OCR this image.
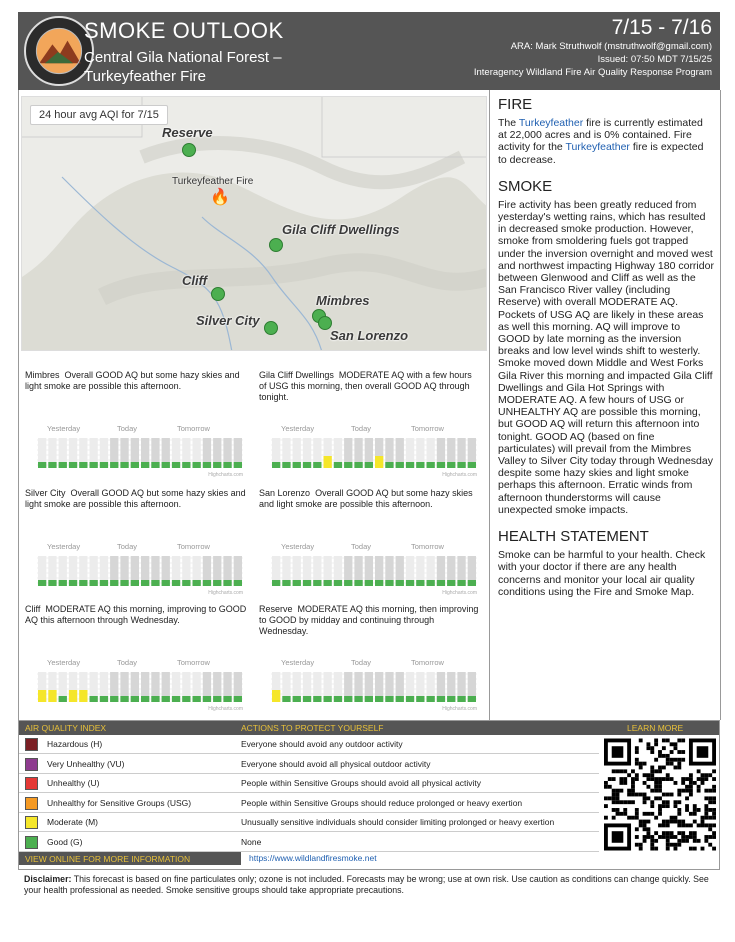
SMOKE OUTLOOK
Central Gila National Forest –
Turkeyfeather Fire
7/15 - 7/16
ARA: Mark Struthwolf (mstruthwolf@gmail.com)
Issued: 07:50 MDT 7/15/25
Interagency Wildland Fire Air Quality Response Program
24 hour avg AQI for 7/15
Reserve
Turkeyfeather Fire
🔥
Gila Cliff Dwellings
Cliff
Mimbres
Silver City
San Lorenzo
Mimbres Overall GOOD AQ but some hazy skies and light smoke are possible this afternoon.
Yesterday	Today	Tomorrow
Highcharts.com
Gila Cliff Dwellings MODERATE AQ with a few hours of USG this morning, then overall GOOD AQ through tonight.
Yesterday	Today	Tomorrow
Highcharts.com
Silver City Overall GOOD AQ but some hazy skies and light smoke are possible this afternoon.
Yesterday	Today	Tomorrow
Highcharts.com
San Lorenzo Overall GOOD AQ but some hazy skies and light smoke are possible this afternoon.
Yesterday	Today	Tomorrow
Highcharts.com
Cliff MODERATE AQ this morning, improving to GOOD AQ this afternoon through Wednesday.
Yesterday	Today	Tomorrow
Highcharts.com
Reserve MODERATE AQ this morning, then improving to GOOD by midday and continuing through Wednesday.
Yesterday	Today	Tomorrow
Highcharts.com
FIRE
The Turkeyfeather fire is currently estimated at 22,000 acres and is 0% contained. Fire activity for the Turkeyfeather fire is expected to decrease.
SMOKE
Fire activity has been greatly reduced from yesterday's wetting rains, which has resulted in decreased smoke production. However, smoke from smoldering fuels got trapped under the inversion overnight and moved west and northwest impacting Highway 180 corridor between Glenwood and Cliff as well as the San Francisco River valley (including Reserve) with overall MODERATE AQ. Pockets of USG AQ are likely in these areas as well this morning. AQ will improve to GOOD by late morning as the inversion breaks and low level winds shift to westerly. Smoke moved down Middle and West Forks Gila River this morning and impacted Gila Cliff Dwellings and Gila Hot Springs with MODERATE AQ. A few hours of USG or UNHEALTHY AQ are possible this morning, but GOOD AQ will return this afternoon into tonight. GOOD AQ (based on fine particulates) will prevail from the Mimbres Valley to Silver City today through Wednesday despite some hazy skies and light smoke perhaps this afternoon. Erratic winds from afternoon thunderstorms will cause unexpected smoke impacts.
HEALTH STATEMENT
Smoke can be harmful to your health. Check with your doctor if there are any health concerns and monitor your local air quality conditions using the Fire and Smoke Map.
AIR QUALITY INDEX	ACTIONS TO PROTECT YOURSELF	LEARN MORE
Hazardous (H)	Everyone should avoid any outdoor activity
Very Unhealthy (VU)	Everyone should avoid all physical outdoor activity
Unhealthy (U)	People within Sensitive Groups should avoid all physical activity
Unhealthy for Sensitive Groups (USG)	People within Sensitive Groups should reduce prolonged or heavy exertion
Moderate (M)	Unusually sensitive individuals should consider limiting prolonged or heavy exertion
Good (G)	None
VIEW ONLINE FOR MORE INFORMATION	https://www.wildlandfiresmoke.net
Disclaimer: This forecast is based on fine particulates only; ozone is not included. Forecasts may be wrong; use at own risk. Use caution as conditions can change quickly. See your health professional as needed. Smoke sensitive groups should take appropriate precautions.
